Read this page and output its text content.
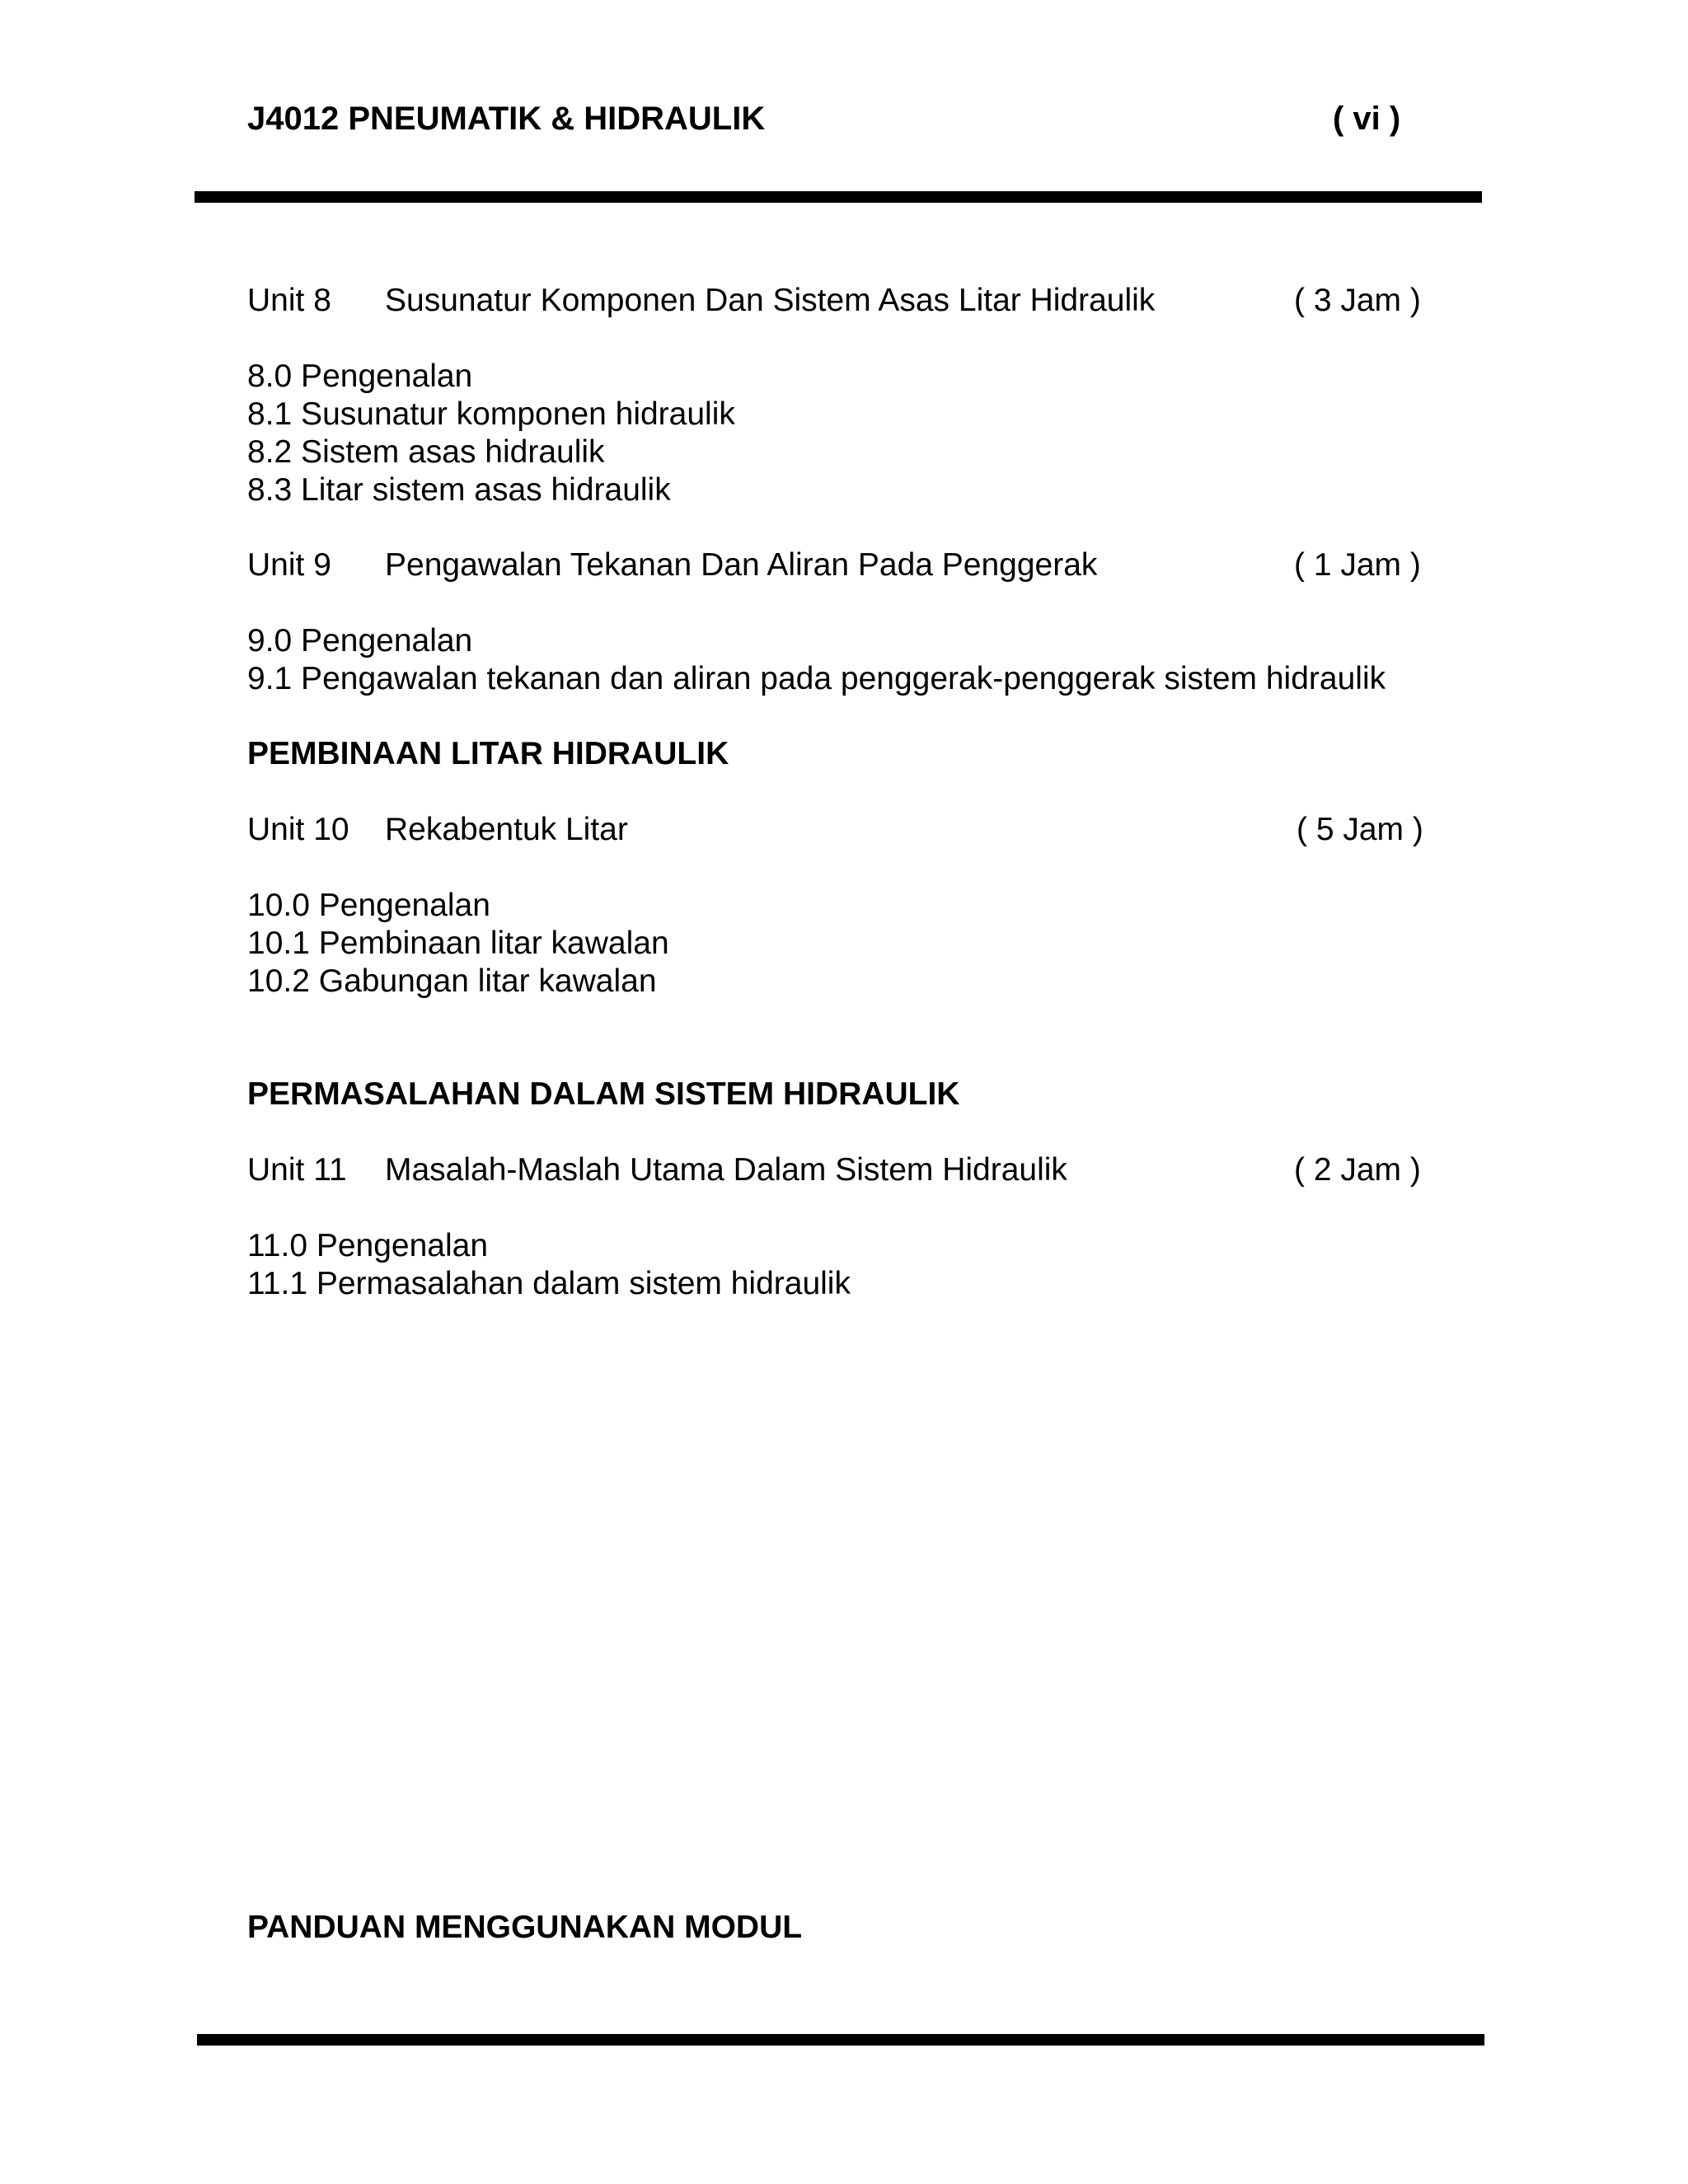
J4012 PNEUMATIK & HIDRAULIK	( vi )
Unit 8 Susunatur Komponen Dan Sistem Asas Litar Hidraulik	( 3 Jam )
8.0 Pengenalan
8.1 Susunatur komponen hidraulik
8.2 Sistem asas hidraulik
8.3 Litar sistem asas hidraulik
Unit 9 Pengawalan Tekanan Dan Aliran Pada Penggerak	( 1 Jam )
9.0 Pengenalan
9.1 Pengawalan tekanan dan aliran pada penggerak-penggerak sistem hidraulik
PEMBINAAN LITAR HIDRAULIK
Unit 10 Rekabentuk Litar	( 5 Jam )
10.0 Pengenalan
10.1 Pembinaan litar kawalan
10.2 Gabungan litar kawalan
PERMASALAHAN DALAM SISTEM HIDRAULIK
Unit 11 Masalah-Maslah Utama Dalam Sistem Hidraulik	( 2 Jam )
11.0 Pengenalan
11.1 Permasalahan dalam sistem hidraulik
PANDUAN MENGGUNAKAN MODUL
